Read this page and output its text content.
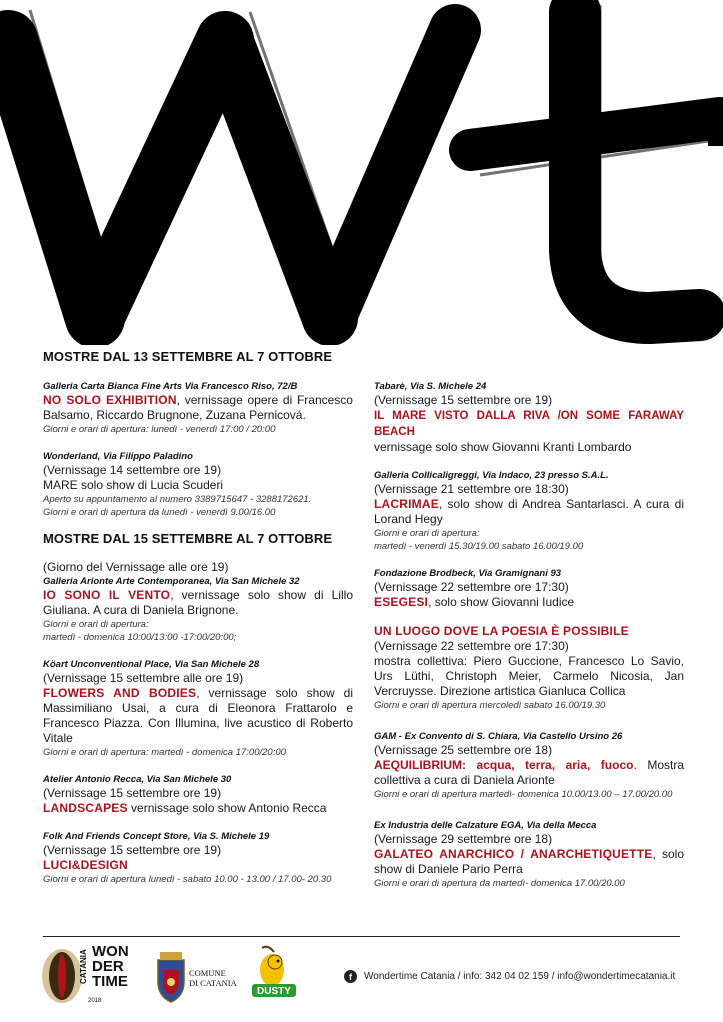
MOSTRE DAL 13 SETTEMBRE AL 7 OTTOBRE
Galleria Carta Bianca Fine Arts Via Francesco Riso, 72/B
NO SOLO EXHIBITION, vernissage opere di Francesco Balsamo, Riccardo Brugnone, Zuzana Pernicová.
Giorni e orari di apertura: lunedì - venerdì 17:00 / 20:00
Wonderland, Via Filippo Paladino
(Vernissage 14 settembre ore 19)
MARE solo show di Lucia Scuderi
Aperto su appuntamento al numero 3389715647 - 3288172621.
Giorni e orari di apertura da lunedì - venerdì 9.00/16.00
MOSTRE DAL 15 SETTEMBRE AL 7 OTTOBRE
(Giorno del Vernissage alle ore 19)
Galleria Arionte Arte Contemporanea, Via San Michele 32
IO SONO IL VENTO, vernissage solo show di Lillo Giuliana. A cura di Daniela Brignone.
Giorni e orari di apertura:
martedì - domenica 10:00/13:00 -17:00/20:00;
Köart Unconventional Place, Via San Michele 28
(Vernissage 15 settembre alle ore 19)
FLOWERS AND BODIES, vernissage solo show di Massimiliano Usai, a cura di Eleonora Frattarolo e Francesco Piazza. Con Illumina, live acustico di Roberto Vitale
Giorni e orari di apertura: martedì - domenica 17:00/20:00
Atelier Antonio Recca, Via San Michele 30
(Vernissage 15 settembre ore 19)
LANDSCAPES vernissage solo show Antonio Recca
Folk And Friends Concept Store, Via S. Michele 19
(Vernissage 15 settembre ore 19)
LUCI&DESIGN
Giorni e orari di apertura lunedì - sabato 10.00 - 13.00 / 17.00- 20.30
Tabarè, Via S. Michele 24
(Vernissage 15 settembre ore 19)
IL MARE VISTO DALLA RIVA /ON SOME FARAWAY BEACH
vernissage solo show Giovanni Kranti Lombardo
Galleria Collicaligreggi, Via Indaco, 23 presso S.A.L.
(Vernissage 21 settembre ore 18:30)
LACRIMAE, solo show di Andrea Santarlasci. A cura di Lorand Hegy
Giorni e orari di apertura:
martedì - venerdì 15.30/19.00 sabato 16.00/19.00
Fondazione Brodbeck, Via Gramignani 93
(Vernissage 22 settembre ore 17:30)
ESEGESI, solo show Giovanni Iudice
UN LUOGO DOVE LA POESIA È POSSIBILE
(Vernissage 22 settembre ore 17:30)
mostra collettiva: Piero Guccione, Francesco Lo Savio, Urs Lüthi, Christoph Meier, Carmelo Nicosia, Jan Vercruysse. Direzione artistica Gianluca Collica
Giorni e orari di apertura mercoledì sabato 16.00/19.30
GAM - Ex Convento di S. Chiara, Via Castello Ursino 26
(Vernissage 25 settembre ore 18)
AEQUILIBRIUM: acqua, terra, aria, fuoco. Mostra collettiva a cura di Daniela Arionte
Giorni e orari di apertura martedì- domenica 10.00/13.00 – 17.00/20.00
Ex Industria delle Calzature EGA, Via della Mecca
(Vernissage 29 settembre ore 18)
GALATEO ANARCHICO / ANARCHETIQUETTE, solo show di Daniele Pario Perra
Giorni e orari di apertura da martedì- domenica 17.00/20.00
CATANIA WON
DER
TIME
2018
COMUNE
DI CATANIA
DUSTY
f	Wondertime Catania / info: 342 04 02 159 / info@wondertimecatania.it
